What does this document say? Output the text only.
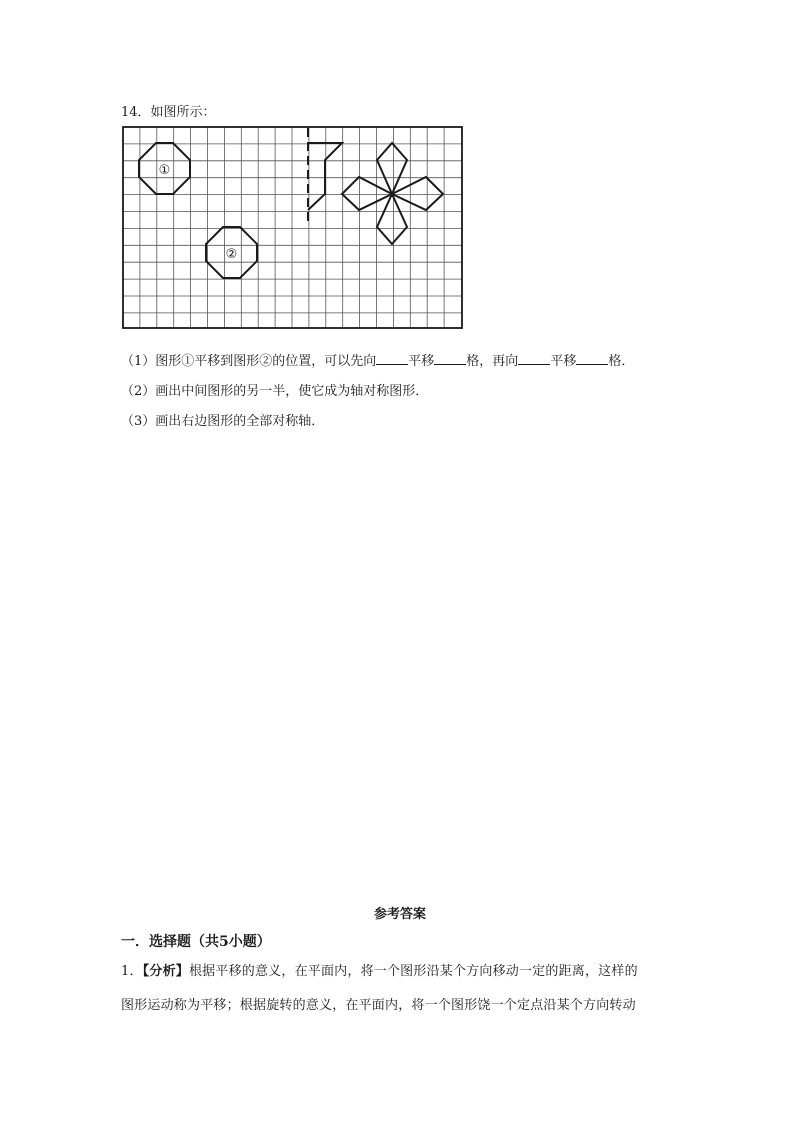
14．如图所示：
①
②
（1）图形①平移到图形②的位置，可以先向 平移 格，再向 平移 格．
（2）画出中间图形的另一半，使它成为轴对称图形．
（3）画出右边图形的全部对称轴．
参考答案
一．选择题（共5小题）
1．【分析】根据平移的意义，在平面内，将一个图形沿某个方向移动一定的距离，这样的
图形运动称为平移；根据旋转的意义，在平面内，将一个图形饶一个定点沿某个方向转动
